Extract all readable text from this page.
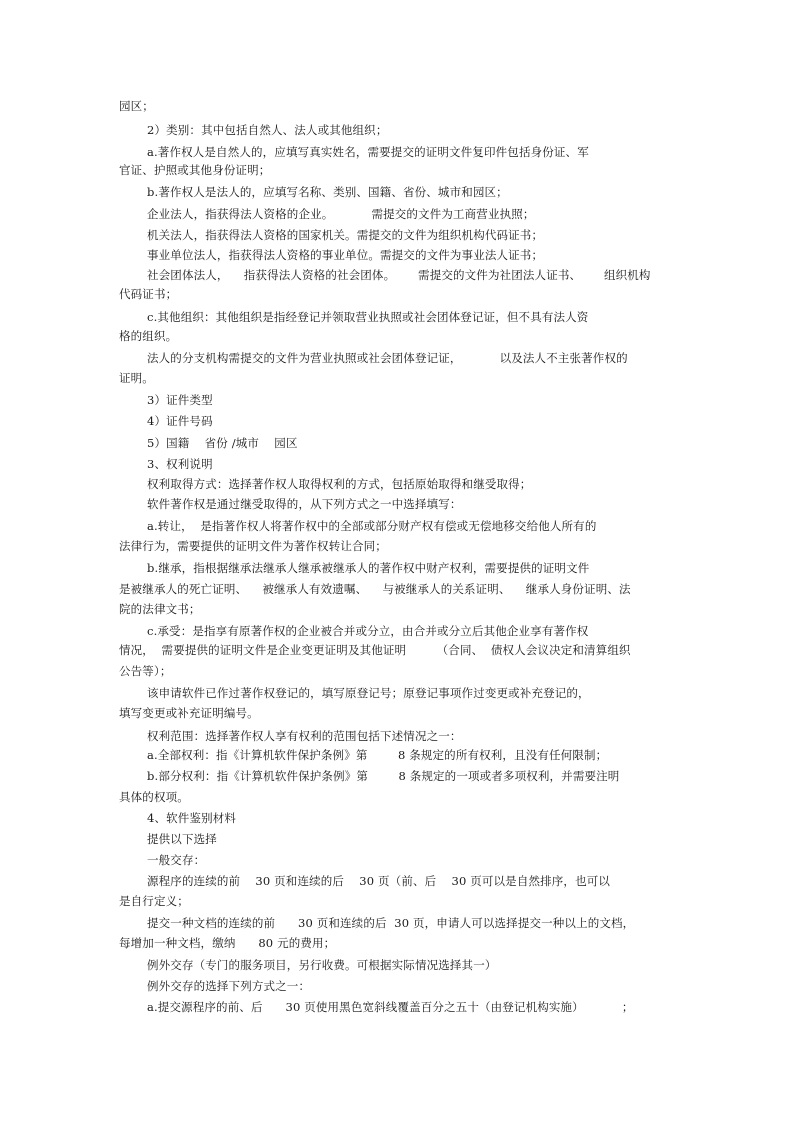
园区；
2）类别：其中包括自然人、法人或其他组织；
a.著作权人是自然人的，应填写真实姓名，需要提交的证明文件复印件包括身份证、军
官证、护照或其他身份证明；
b.著作权人是法人的，应填写名称、类别、国籍、省份、城市和园区；
企业法人，指获得法人资格的企业。          需提交的文件为工商营业执照；
机关法人，指获得法人资格的国家机关。需提交的文件为组织机构代码证书；
事业单位法人，指获得法人资格的事业单位。需提交的文件为事业法人证书；
社会团体法人，    指获得法人资格的社会团体。      需提交的文件为社团法人证书、      组织机构
代码证书；
c.其他组织：其他组织是指经登记并领取营业执照或社会团体登记证，但不具有法人资
格的组织。
法人的分支机构需提交的文件为营业执照或社会团体登记证，          以及法人不主张著作权的
证明。
3）证件类型
4）证件号码
5）国籍    省份 /城市    园区
3、权利说明
权利取得方式：选择著作权人取得权利的方式，包括原始取得和继受取得；
软件著作权是通过继受取得的，从下列方式之一中选择填写：
a.转让，  是指著作权人将著作权中的全部或部分财产权有偿或无偿地移交给他人所有的
法律行为，需要提供的证明文件为著作权转让合同；
b.继承，指根据继承法继承人继承被继承人的著作权中财产权利，需要提供的证明文件
是被继承人的死亡证明、    被继承人有效遗嘱、    与被继承人的关系证明、    继承人身份证明、法
院的法律文书；
c.承受：是指享有原著作权的企业被合并或分立，由合并或分立后其他企业享有著作权
情况，  需要提供的证明文件是企业变更证明及其他证明        （合同、  债权人会议决定和清算组织
公告等）；
该申请软件已作过著作权登记的，填写原登记号；原登记事项作过变更或补充登记的，
填写变更或补充证明编号。
权利范围：选择著作权人享有权利的范围包括下述情况之一：
a.全部权利：指《计算机软件保护条例》第        8 条规定的所有权利，且没有任何限制；
b.部分权利：指《计算机软件保护条例》第        8 条规定的一项或者多项权利，并需要注明
具体的权项。
4、软件鉴别材料
提供以下选择
一般交存：
源程序的连续的前    30 页和连续的后    30 页（前、后    30 页可以是自然排序，也可以
是自行定义；
提交一种文档的连续的前      30 页和连续的后  30 页，申请人可以选择提交一种以上的文档，
每增加一种文档，缴纳      80 元的费用；
例外交存（专门的服务项目，另行收费。可根据实际情况选择其一）
例外交存的选择下列方式之一：
a.提交源程序的前、后      30 页使用黑色宽斜线覆盖百分之五十（由登记机构实施）          ；
